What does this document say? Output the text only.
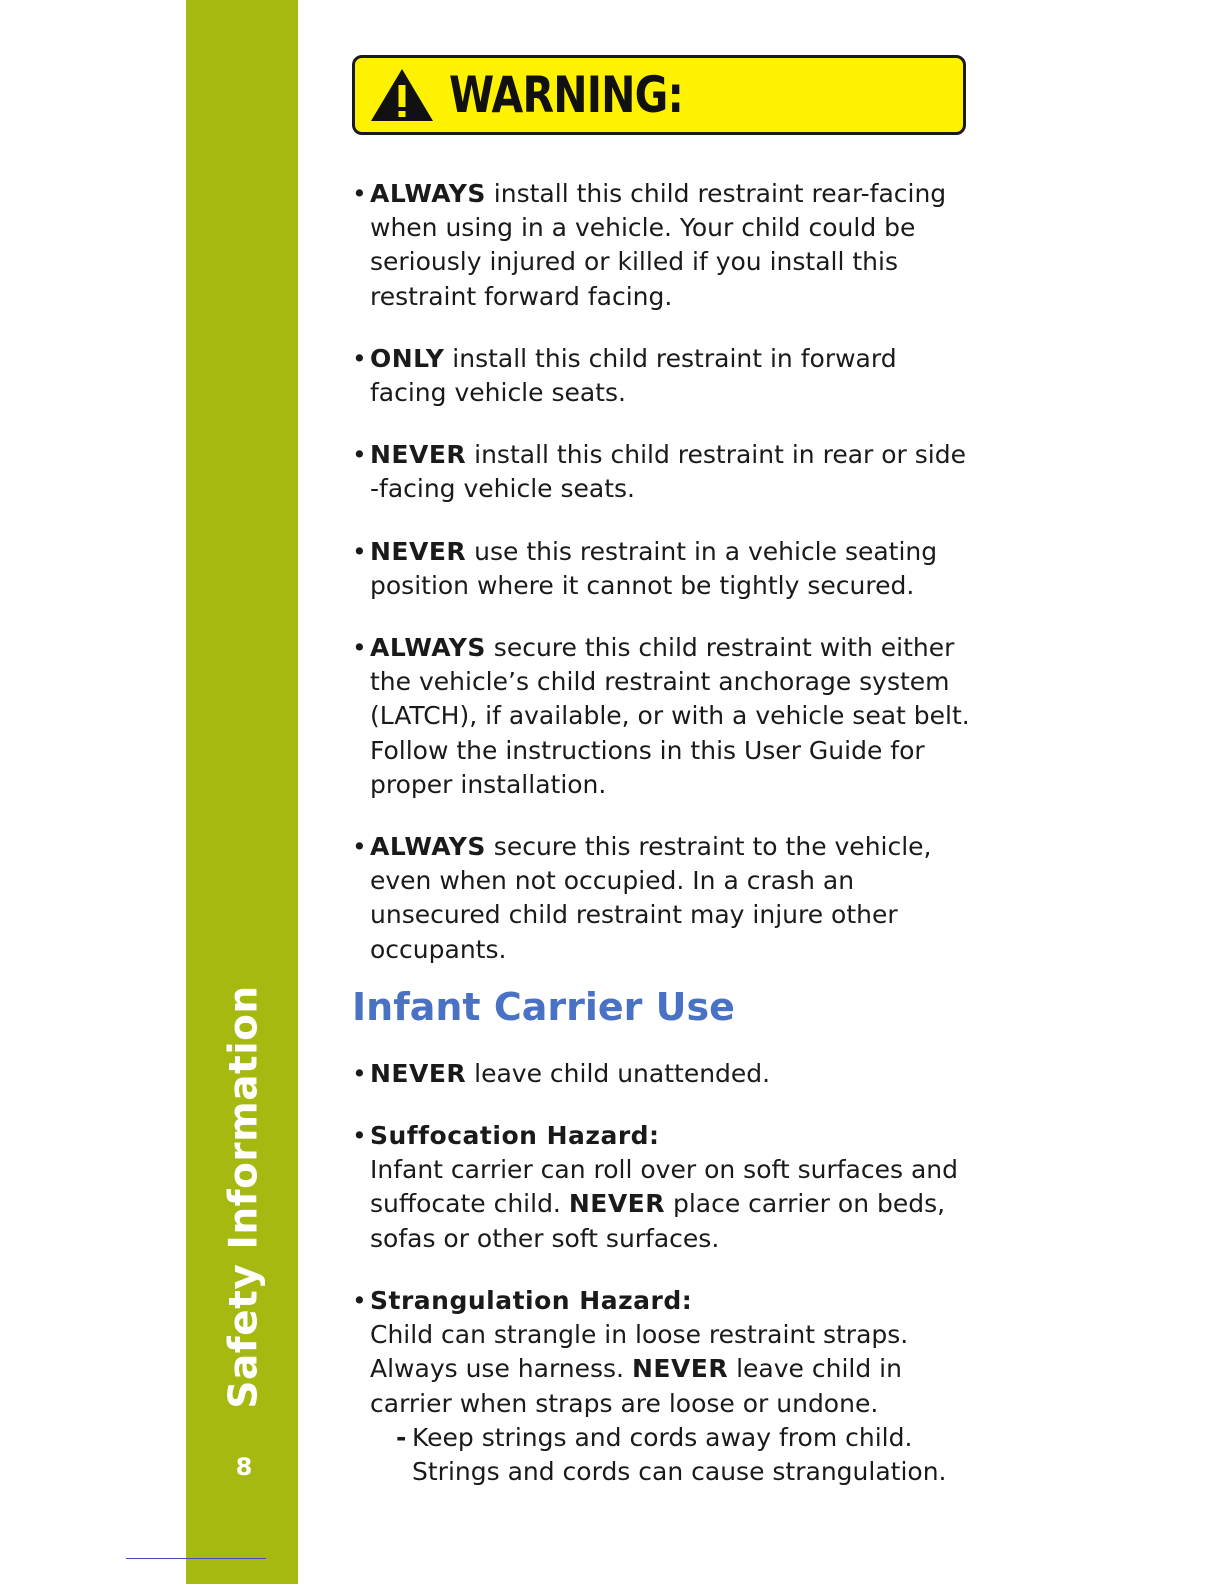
Safety Information
8
WARNING:
• ALWAYS install this child restraint rear-facing when using in a vehicle. Your child could be seriously injured or killed if you install this restraint forward facing.
• ONLY install this child restraint in forward facing vehicle seats.
• NEVER install this child restraint in rear or side -facing vehicle seats.
• NEVER use this restraint in a vehicle seating position where it cannot be tightly secured.
• ALWAYS secure this child restraint with either the vehicle’s child restraint anchorage system (LATCH), if available, or with a vehicle seat belt. Follow the instructions in this User Guide for proper installation.
• ALWAYS secure this restraint to the vehicle, even when not occupied. In a crash an unsecured child restraint may injure other occupants.
• NEVER leave child unattended.
• Suffocation Hazard:
Infant carrier can roll over on soft surfaces and suffocate child. NEVER place carrier on beds, sofas or other soft surfaces.
• Strangulation Hazard:
Child can strangle in loose restraint straps.
Always use harness. NEVER leave child in carrier when straps are loose or undone.
- Keep strings and cords away from child. Strings and cords can cause strangulation.
Infant Carrier Use
